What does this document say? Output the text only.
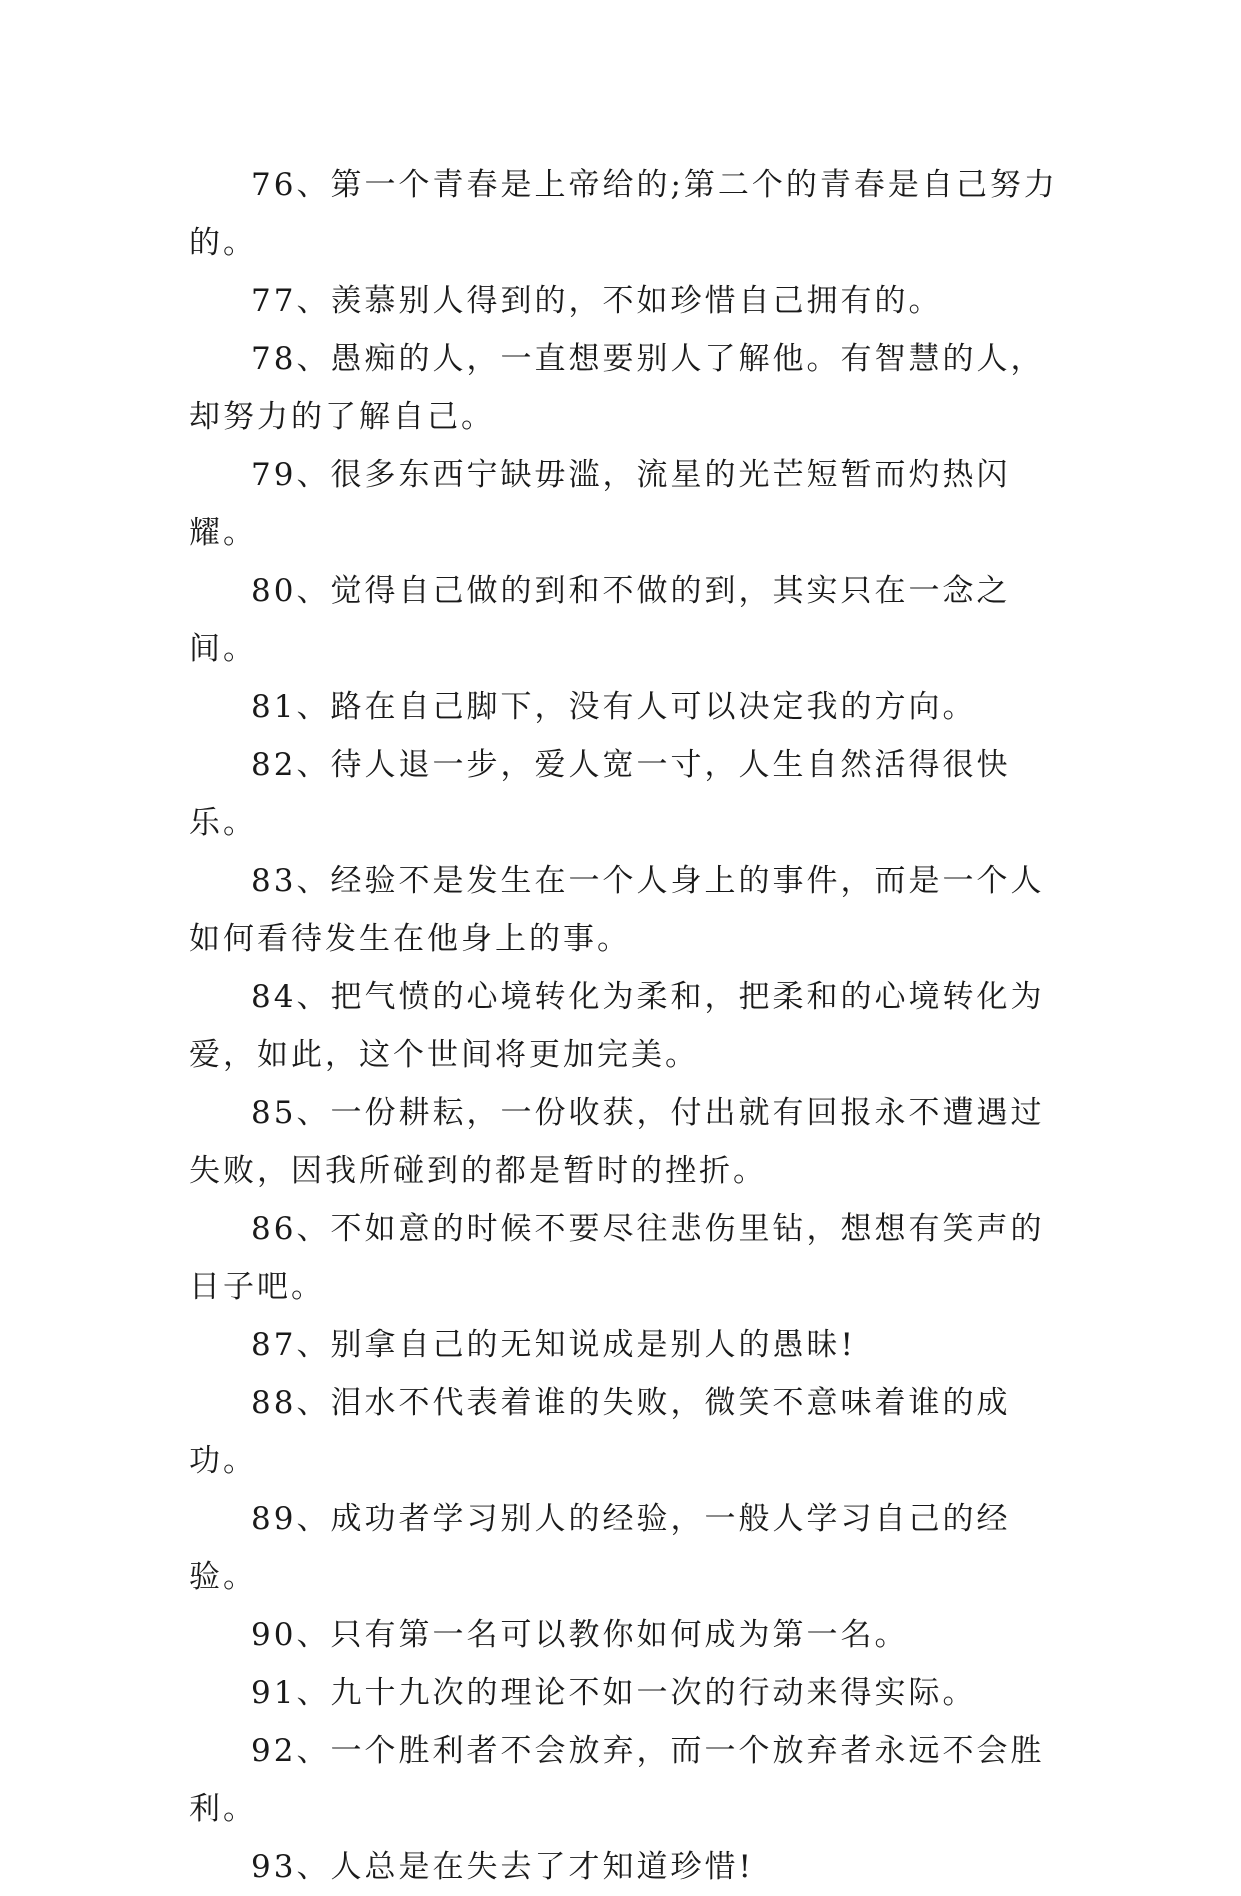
76、第一个青春是上帝给的;第二个的青春是自己努力的。

77、羡慕别人得到的，不如珍惜自己拥有的。

78、愚痴的人，一直想要别人了解他。有智慧的人，却努力的了解自己。

79、很多东西宁缺毋滥，流星的光芒短暂而灼热闪耀。

80、觉得自己做的到和不做的到，其实只在一念之间。

81、路在自己脚下，没有人可以决定我的方向。

82、待人退一步，爱人宽一寸，人生自然活得很快乐。

83、经验不是发生在一个人身上的事件，而是一个人如何看待发生在他身上的事。

84、把气愤的心境转化为柔和，把柔和的心境转化为爱，如此，这个世间将更加完美。

85、一份耕耘，一份收获，付出就有回报永不遭遇过失败，因我所碰到的都是暂时的挫折。

86、不如意的时候不要尽往悲伤里钻，想想有笑声的日子吧。

87、别拿自己的无知说成是别人的愚昧!

88、泪水不代表着谁的失败，微笑不意味着谁的成功。

89、成功者学习别人的经验，一般人学习自己的经验。

90、只有第一名可以教你如何成为第一名。

91、九十九次的理论不如一次的行动来得实际。

92、一个胜利者不会放弃，而一个放弃者永远不会胜利。

93、人总是在失去了才知道珍惜!
